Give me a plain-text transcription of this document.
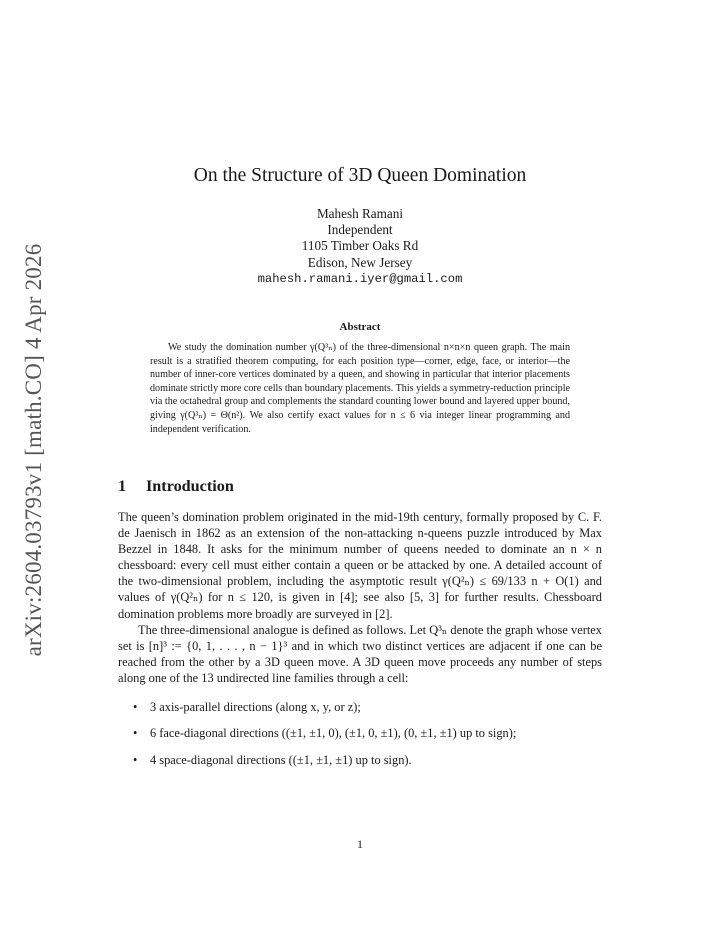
arXiv:2604.03793v1 [math.CO] 4 Apr 2026
On the Structure of 3D Queen Domination
Mahesh Ramani
Independent
1105 Timber Oaks Rd
Edison, New Jersey
mahesh.ramani.iyer@gmail.com
Abstract

We study the domination number γ(Q³ₙ) of the three-dimensional n×n×n queen graph. The main result is a stratified theorem computing, for each position type—corner, edge, face, or interior—the number of inner-core vertices dominated by a queen, and showing in particular that interior placements dominate strictly more core cells than boundary placements. This yields a symmetry-reduction principle via the octahedral group and complements the standard counting lower bound and layered upper bound, giving γ(Q³ₙ) = Θ(n²). We also certify exact values for n ≤ 6 via integer linear programming and independent verification.

1 Introduction

The queen’s domination problem originated in the mid-19th century, formally proposed by C. F. de Jaenisch in 1862 as an extension of the non-attacking n-queens puzzle introduced by Max Bezzel in 1848. It asks for the minimum number of queens needed to dominate an n × n chessboard: every cell must either contain a queen or be attacked by one. A detailed account of the two-dimensional problem, including the asymptotic result γ(Q²ₙ) ≤ 69/133 n + O(1) and values of γ(Q²ₙ) for n ≤ 120, is given in [4]; see also [5, 3] for further results. Chessboard domination problems more broadly are surveyed in [2].

The three-dimensional analogue is defined as follows. Let Q³ₙ denote the graph whose vertex set is [n]³ := {0, 1, . . . , n − 1}³ and in which two distinct vertices are adjacent if one can be reached from the other by a 3D queen move. A 3D queen move proceeds any number of steps along one of the 13 undirected line families through a cell:

• 3 axis-parallel directions (along x, y, or z);
• 6 face-diagonal directions ((±1, ±1, 0), (±1, 0, ±1), (0, ±1, ±1) up to sign);
• 4 space-diagonal directions ((±1, ±1, ±1) up to sign).
1
